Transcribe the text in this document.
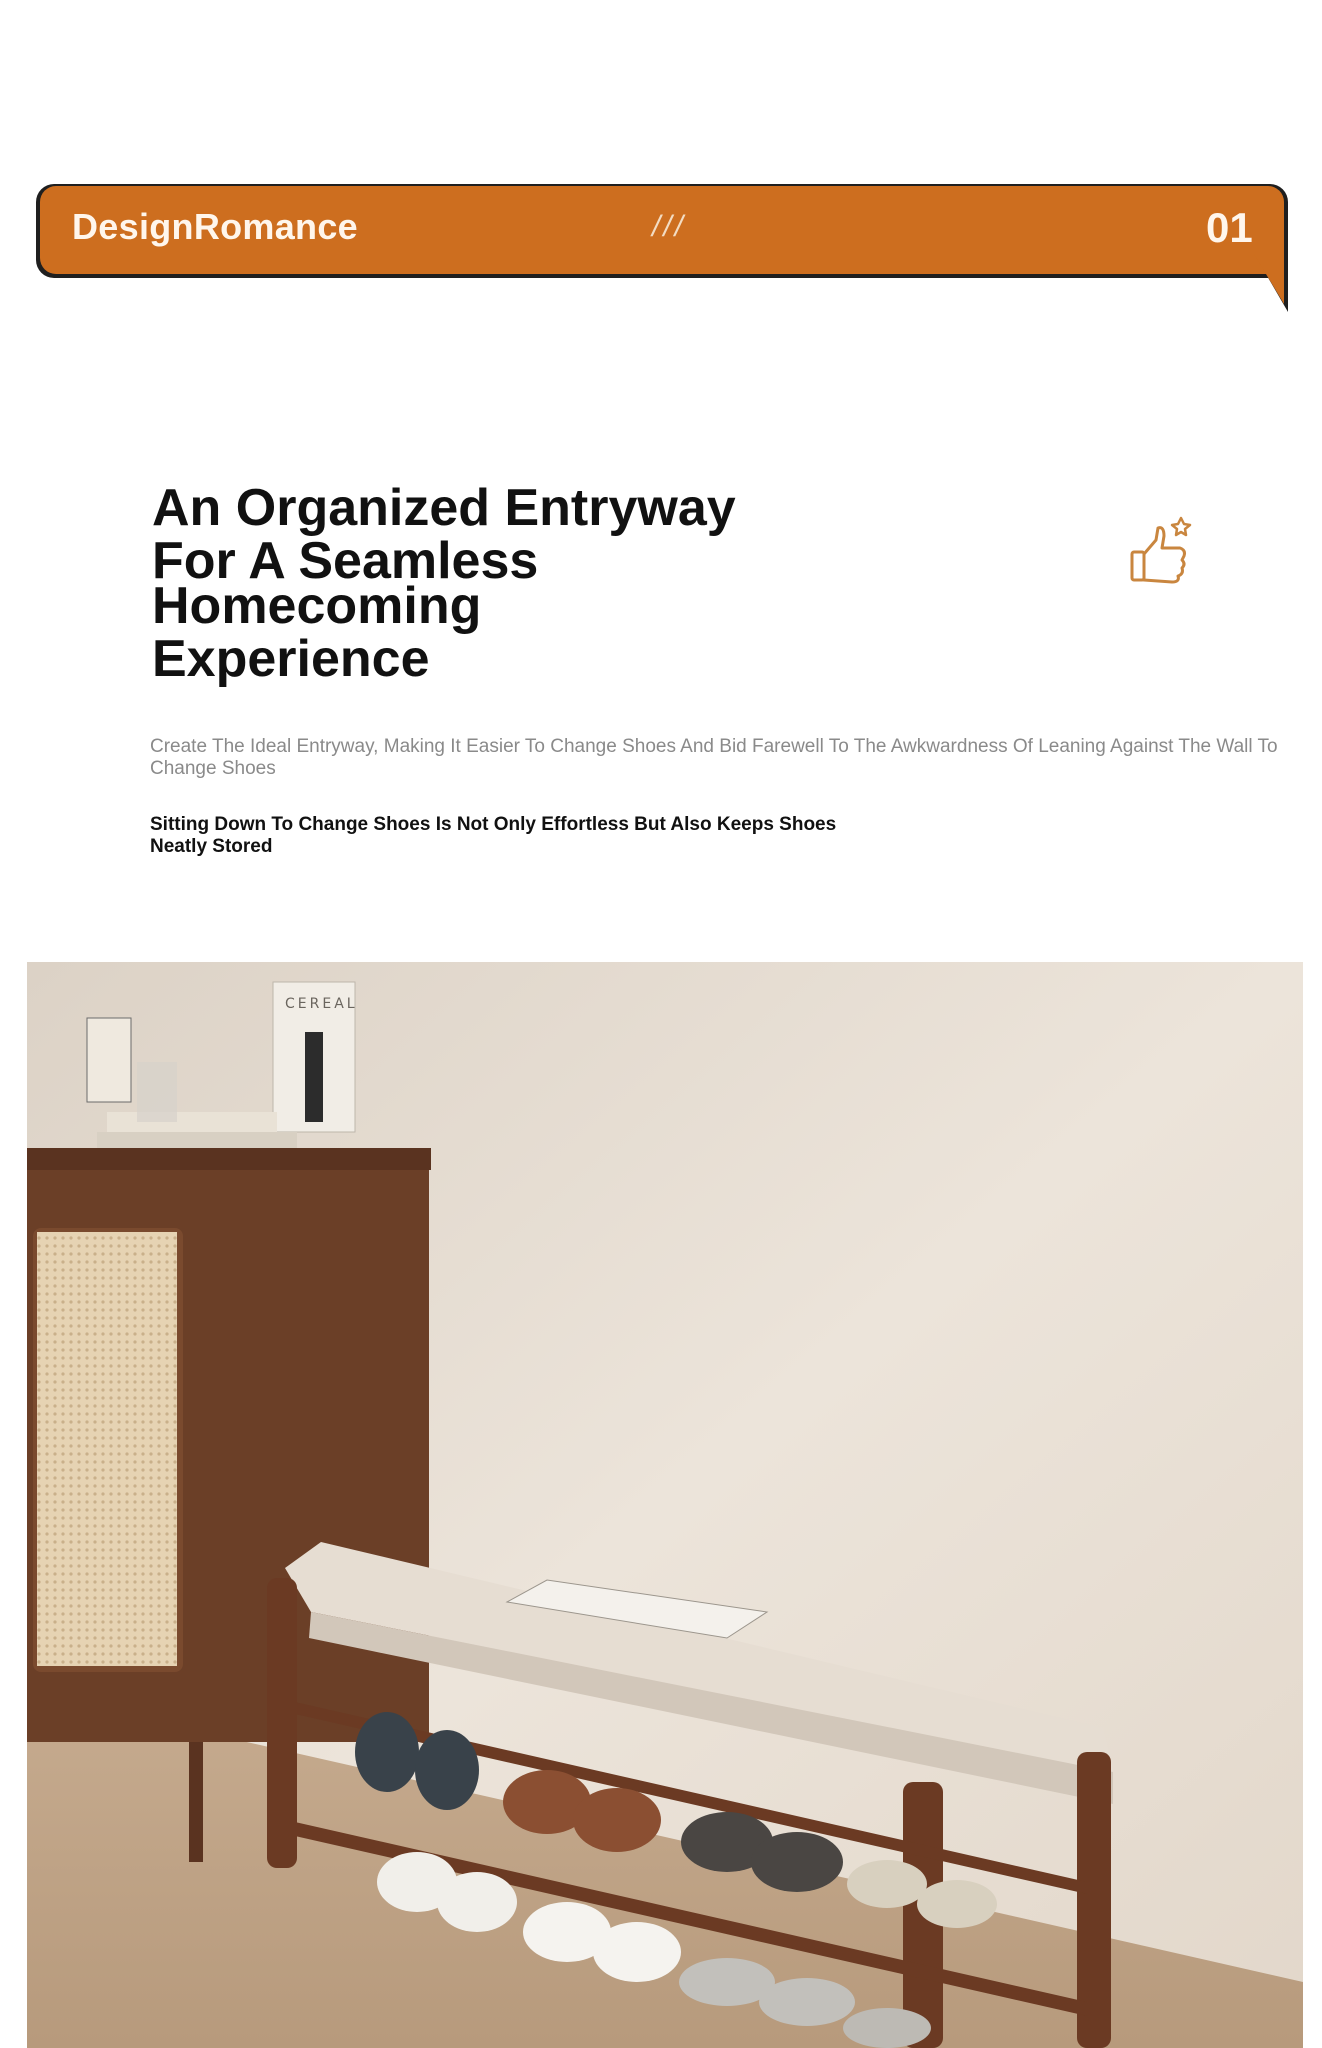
DesignRomance	///	01
An Organized Entryway
For A Seamless
Homecoming
Experience
Create The Ideal Entryway, Making It Easier To Change Shoes And Bid Farewell To The Awkwardness Of Leaning Against The Wall To Change Shoes
Sitting Down To Change Shoes Is Not Only Effortless But Also Keeps Shoes Neatly Stored
CEREAL
